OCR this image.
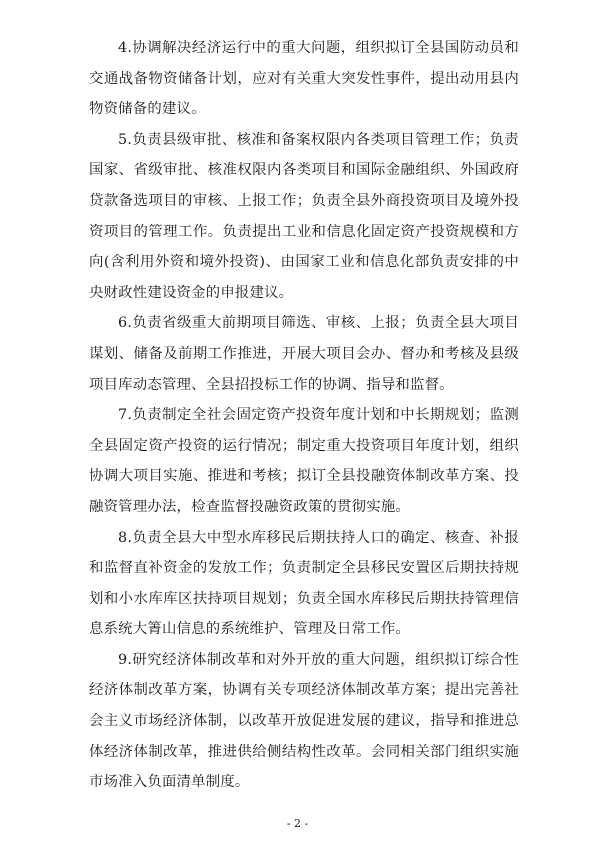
4.协调解决经济运行中的重大问题，组织拟订全县国防动员和交通战备物资储备计划，应对有关重大突发性事件，提出动用县内物资储备的建议。

5.负责县级审批、核准和备案权限内各类项目管理工作；负责国家、省级审批、核准权限内各类项目和国际金融组织、外国政府贷款备选项目的审核、上报工作；负责全县外商投资项目及境外投资项目的管理工作。负责提出工业和信息化固定资产投资规模和方向(含利用外资和境外投资)、由国家工业和信息化部负责安排的中央财政性建设资金的申报建议。

6.负责省级重大前期项目筛选、审核、上报；负责全县大项目谋划、储备及前期工作推进，开展大项目会办、督办和考核及县级项目库动态管理、全县招投标工作的协调、指导和监督。

7.负责制定全社会固定资产投资年度计划和中长期规划；监测全县固定资产投资的运行情况；制定重大投资项目年度计划，组织协调大项目实施、推进和考核；拟订全县投融资体制改革方案、投融资管理办法，检查监督投融资政策的贯彻实施。

8.负责全县大中型水库移民后期扶持人口的确定、核查、补报和监督直补资金的发放工作；负责制定全县移民安置区后期扶持规划和小水库库区扶持项目规划；负责全国水库移民后期扶持管理信息系统大箐山信息的系统维护、管理及日常工作。

9.研究经济体制改革和对外开放的重大问题，组织拟订综合性经济体制改革方案，协调有关专项经济体制改革方案；提出完善社会主义市场经济体制，以改革开放促进发展的建议，指导和推进总体经济体制改革，推进供给侧结构性改革。会同相关部门组织实施市场准入负面清单制度。

- 2 -
